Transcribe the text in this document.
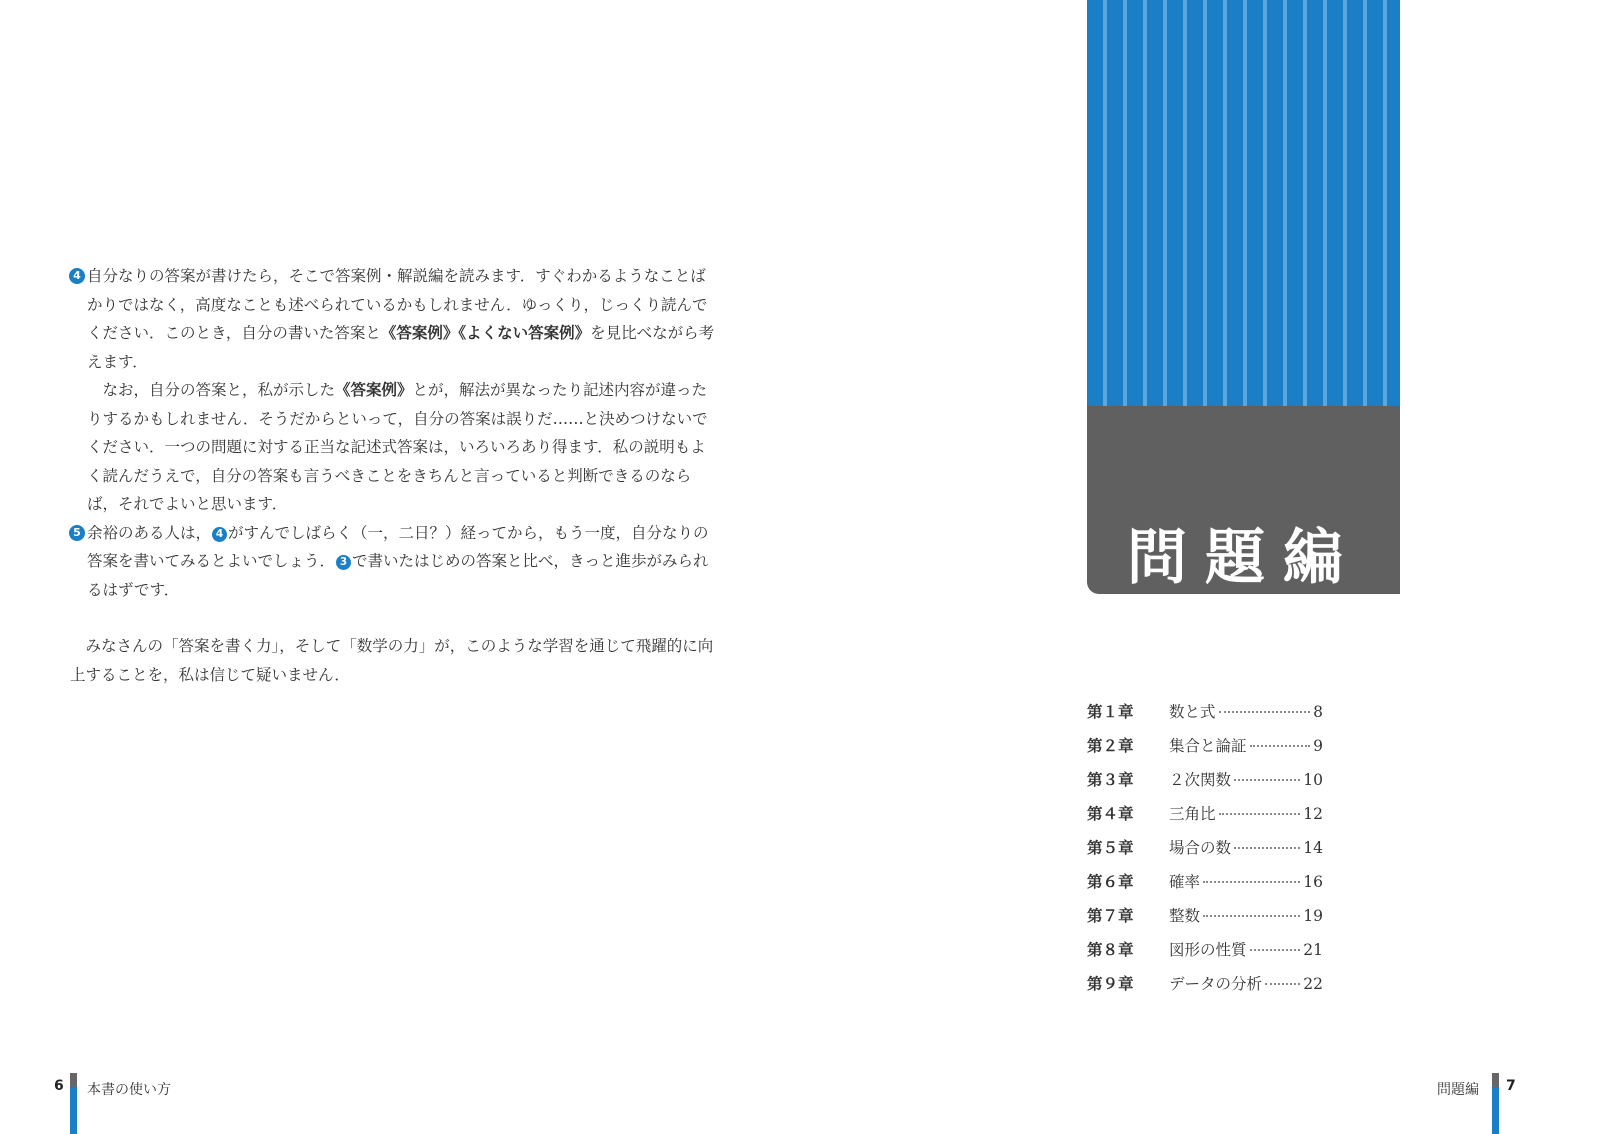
4 自分なりの答案が書けたら，そこで答案例・解説編を読みます．すぐわかるようなことばかりではなく，高度なことも述べられているかもしれません．ゆっくり，じっくり読んでください．このとき，自分の書いた答案と《答案例》《よくない答案例》を見比べながら考えます．

なお，自分の答案と，私が示した《答案例》とが，解法が異なったり記述内容が違ったりするかもしれません．そうだからといって，自分の答案は誤りだ……と決めつけないでください．一つの問題に対する正当な記述式答案は，いろいろあり得ます．私の説明もよく読んだうえで，自分の答案も言うべきことをきちんと言っていると判断できるのならば，それでよいと思います．

5 余裕のある人は， 4 がすんでしばらく（一，二日？）経ってから，もう一度，自分なりの答案を書いてみるとよいでしょう． 3 で書いたはじめの答案と比べ，きっと進歩がみられるはずです．

みなさんの「答案を書く力」，そして「数学の力」が，このような学習を通じて飛躍的に向上することを，私は信じて疑いません．

6 本書の使い方
問題編
第１章	数と式	8
第２章	集合と論証	9
第３章	２次関数	10
第４章	三角比	12
第５章	場合の数	14
第６章	確率	16
第７章	整数	19
第８章	図形の性質	21
第９章	データの分析	22
問題編 7
